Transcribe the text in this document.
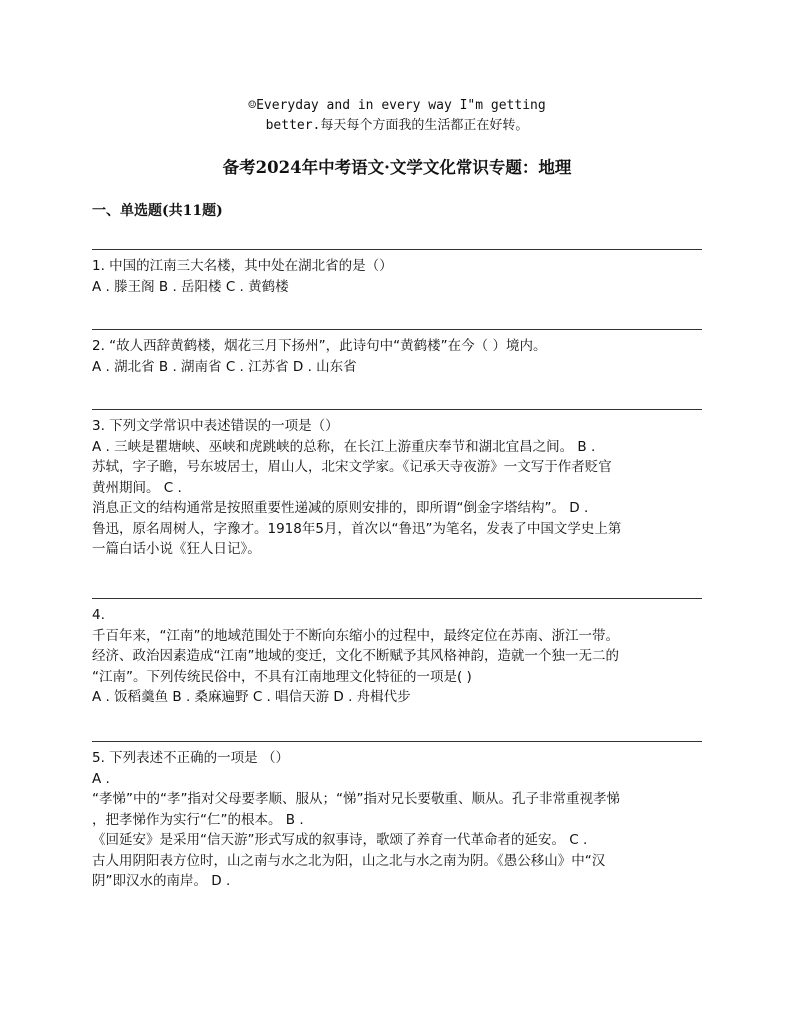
☺Everyday and in every way I"m getting
better.每天每个方面我的生活都正在好转。
备考2024年中考语文·文学文化常识专题：地理
一、单选题(共11题)

1. 中国的江南三大名楼，其中处在湖北省的是（）

A . 滕王阁 B . 岳阳楼 C . 黄鹤楼

2. “故人西辞黄鹤楼，烟花三月下扬州”，此诗句中“黄鹤楼”在今（ ）境内。

A . 湖北省 B . 湖南省 C . 江苏省 D . 山东省

3. 下列文学常识中表述错误的一项是（）

A . 三峡是瞿塘峡、巫峡和虎跳峡的总称，在长江上游重庆奉节和湖北宜昌之间。 B .

苏轼，字子瞻，号东坡居士，眉山人，北宋文学家。《记承天寺夜游》一文写于作者贬官

黄州期间。 C .

消息正文的结构通常是按照重要性递减的原则安排的，即所谓“倒金字塔结构”。 D .

鲁迅，原名周树人，字豫才。1918年5月，首次以“鲁迅”为笔名，发表了中国文学史上第

一篇白话小说《狂人日记》。

4.

千百年来，“江南”的地域范围处于不断向东缩小的过程中，最终定位在苏南、浙江一带。

经济、政治因素造成“江南”地域的变迁，文化不断赋予其风格神韵，造就一个独一无二的

“江南”。下列传统民俗中，不具有江南地理文化特征的一项是( )

A . 饭稻羹鱼 B . 桑麻遍野 C . 唱信天游 D . 舟楫代步

5. 下列表述不正确的一项是 （）

A .

“孝悌”中的“孝”指对父母要孝顺、服从；“悌”指对兄长要敬重、顺从。孔子非常重视孝悌

，把孝悌作为实行“仁”的根本。 B .

《回延安》是采用“信天游”形式写成的叙事诗，歌颂了养育一代革命者的延安。 C .

古人用阴阳表方位时，山之南与水之北为阳，山之北与水之南为阴。《愚公移山》中“汉

阴”即汉水的南岸。 D .
